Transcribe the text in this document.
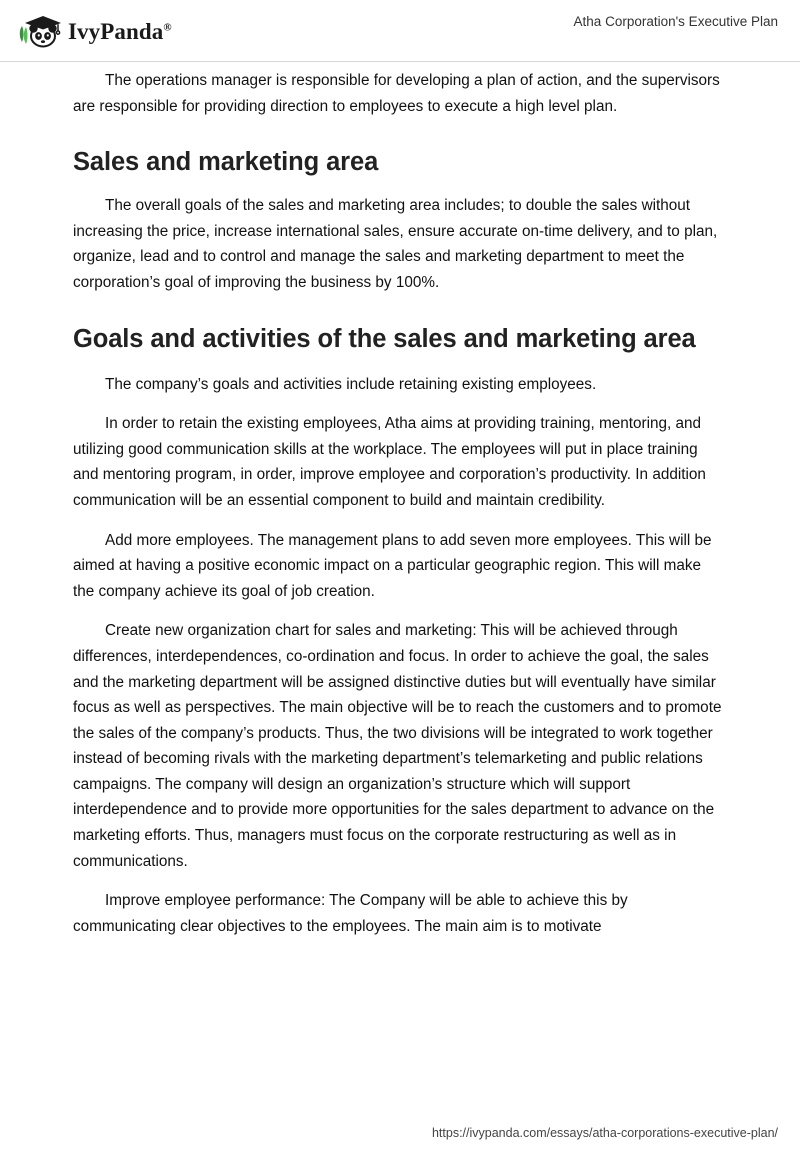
IvyPanda®	Atha Corporation's Executive Plan

The operations manager is responsible for developing a plan of action, and the supervisors are responsible for providing direction to employees to execute a high level plan.

Sales and marketing area

The overall goals of the sales and marketing area includes; to double the sales without increasing the price, increase international sales, ensure accurate on-time delivery, and to plan, organize, lead and to control and manage the sales and marketing department to meet the corporation’s goal of improving the business by 100%.

Goals and activities of the sales and marketing area

The company’s goals and activities include retaining existing employees.

In order to retain the existing employees, Atha aims at providing training, mentoring, and utilizing good communication skills at the workplace. The employees will put in place training and mentoring program, in order, improve employee and corporation’s productivity. In addition communication will be an essential component to build and maintain credibility.

Add more employees. The management plans to add seven more employees. This will be aimed at having a positive economic impact on a particular geographic region. This will make the company achieve its goal of job creation.

Create new organization chart for sales and marketing: This will be achieved through differences, interdependences, co-ordination and focus. In order to achieve the goal, the sales and the marketing department will be assigned distinctive duties but will eventually have similar focus as well as perspectives. The main objective will be to reach the customers and to promote the sales of the company’s products. Thus, the two divisions will be integrated to work together instead of becoming rivals with the marketing department’s telemarketing and public relations campaigns. The company will design an organization’s structure which will support interdependence and to provide more opportunities for the sales department to advance on the marketing efforts. Thus, managers must focus on the corporate restructuring as well as in communications.

Improve employee performance: The Company will be able to achieve this by communicating clear objectives to the employees. The main aim is to motivate

https://ivypanda.com/essays/atha-corporations-executive-plan/
